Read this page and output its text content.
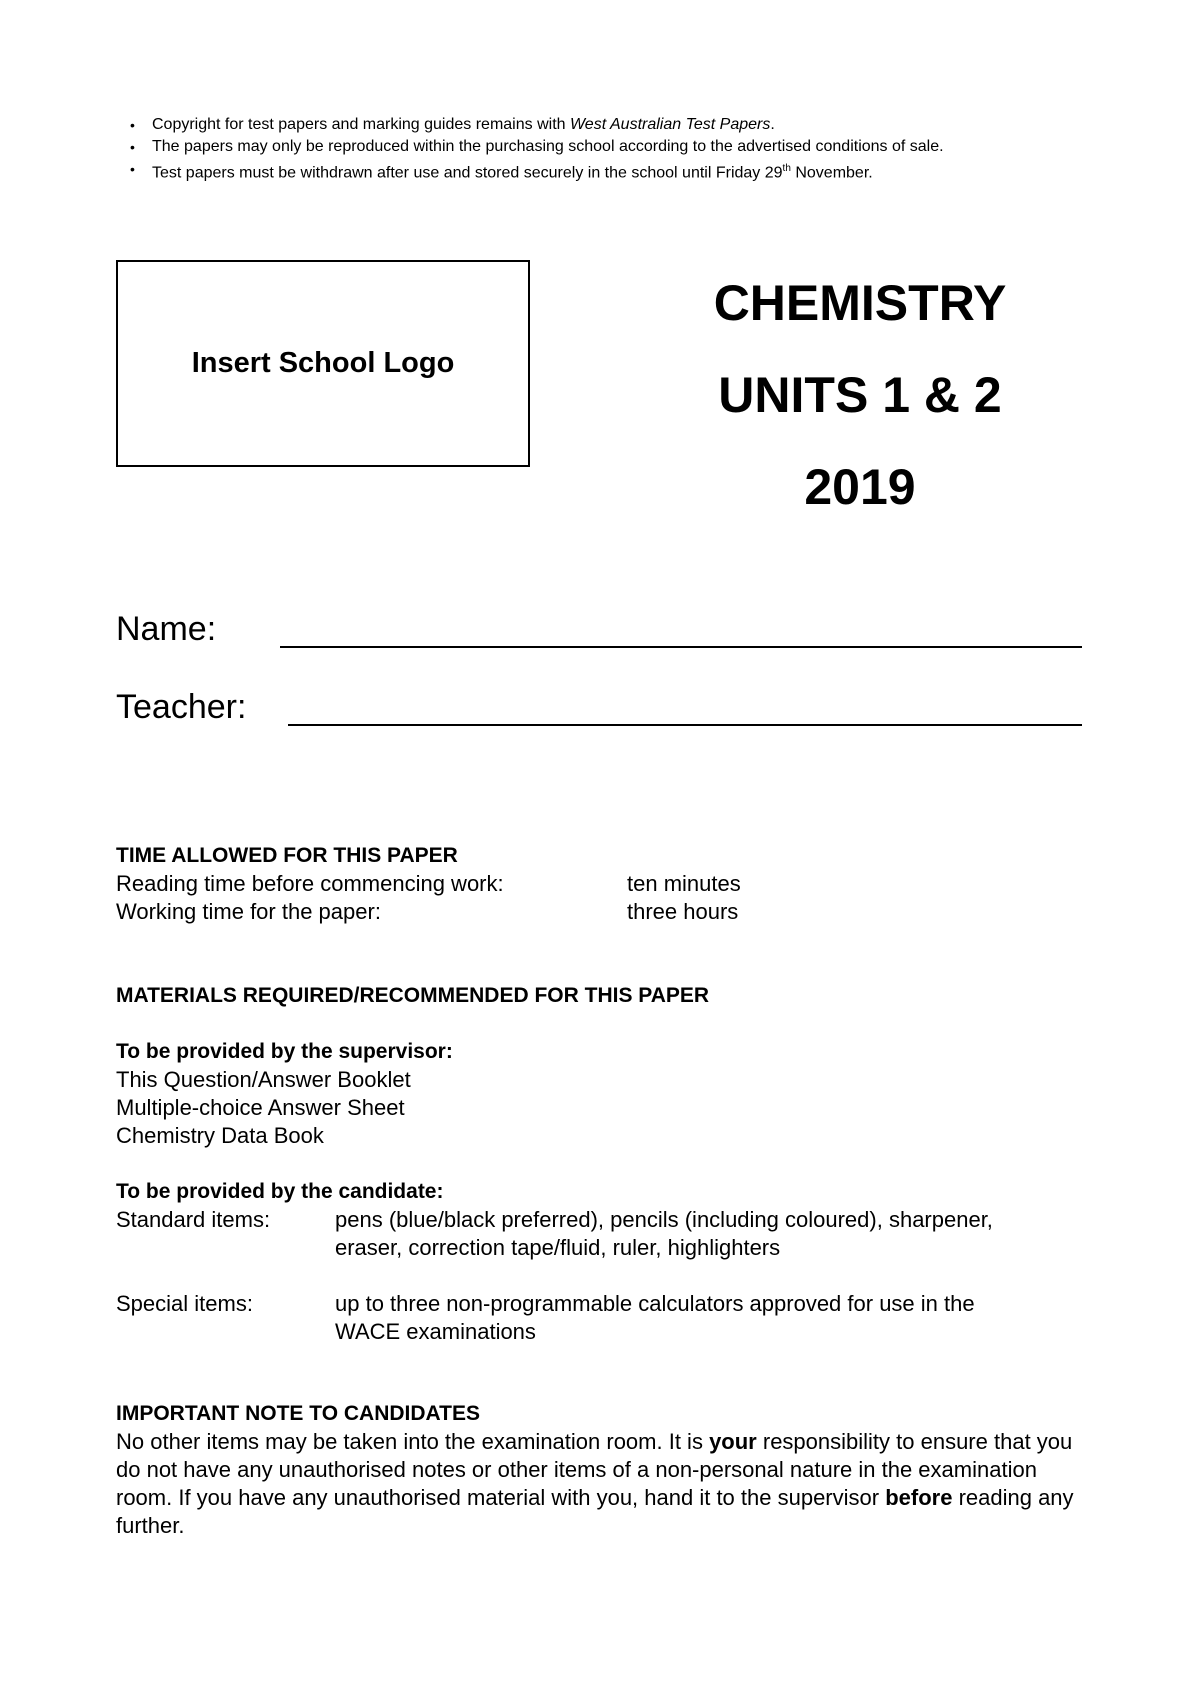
• Copyright for test papers and marking guides remains with West Australian Test Papers.
• The papers may only be reproduced within the purchasing school according to the advertised conditions of sale.
• Test papers must be withdrawn after use and stored securely in the school until Friday 29th November.
Insert School Logo
CHEMISTRY
UNITS 1 & 2
2019
Name:
Teacher:
TIME ALLOWED FOR THIS PAPER
Reading time before commencing work:	ten minutes
Working time for the paper:	three hours
MATERIALS REQUIRED/RECOMMENDED FOR THIS PAPER
To be provided by the supervisor:
This Question/Answer Booklet
Multiple-choice Answer Sheet
Chemistry Data Book
To be provided by the candidate:
Standard items:	pens (blue/black preferred), pencils (including coloured), sharpener,
eraser, correction tape/fluid, ruler, highlighters
Special items:	up to three non-programmable calculators approved for use in the
WACE examinations
IMPORTANT NOTE TO CANDIDATES
No other items may be taken into the examination room. It is your responsibility to ensure that you do not have any unauthorised notes or other items of a non-personal nature in the examination room. If you have any unauthorised material with you, hand it to the supervisor before reading any further.
